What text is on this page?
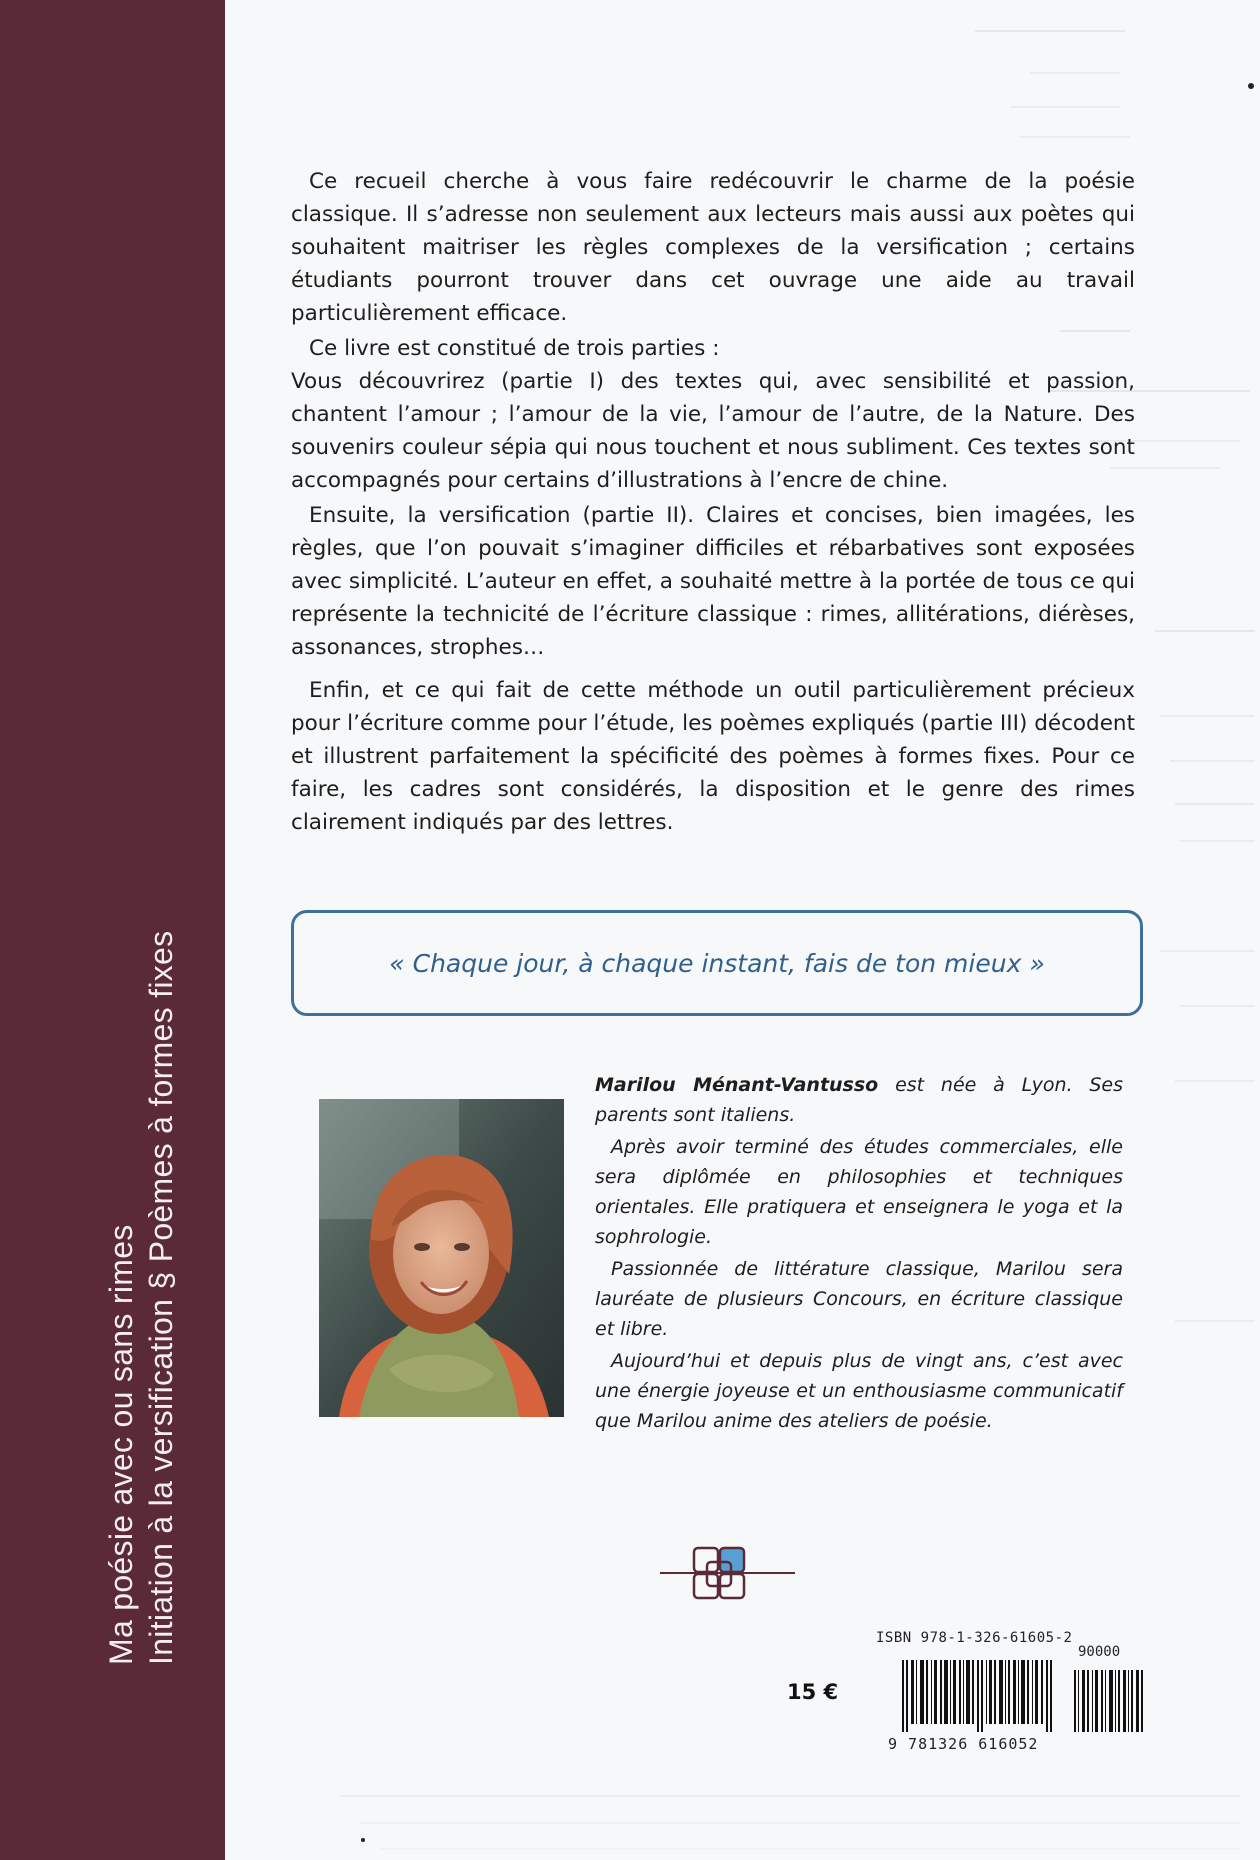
Ma poésie avec ou sans rimes Initiation à la versification § Poèmes à formes fixes

Ce recueil cherche à vous faire redécouvrir le charme de la poésie classique. Il s’adresse non seulement aux lecteurs mais aussi aux poètes qui souhaitent maitriser les règles complexes de la versification ; certains étudiants pourront trouver dans cet ouvrage une aide au travail particulièrement efficace.

Ce livre est constitué de trois parties :

Vous découvrirez (partie I) des textes qui, avec sensibilité et passion, chantent l’amour ; l’amour de la vie, l’amour de l’autre, de la Nature. Des souvenirs couleur sépia qui nous touchent et nous subliment. Ces textes sont accompagnés pour certains d’illustrations à l’encre de chine.

Ensuite, la versification (partie II). Claires et concises, bien imagées, les règles, que l’on pouvait s’imaginer difficiles et rébarbatives sont exposées avec simplicité. L’auteur en effet, a souhaité mettre à la portée de tous ce qui représente la technicité de l’écriture classique : rimes, allitérations, diérèses, assonances, strophes…

Enfin, et ce qui fait de cette méthode un outil particulièrement précieux pour l’écriture comme pour l’étude, les poèmes expliqués (partie III) décodent et illustrent parfaitement la spécificité des poèmes à formes fixes. Pour ce faire, les cadres sont considérés, la disposition et le genre des rimes clairement indiqués par des lettres.

« Chaque jour, à chaque instant, fais de ton mieux »

Marilou Ménant-Vantusso est née à Lyon. Ses parents sont italiens.

Après avoir terminé des études commerciales, elle sera diplômée en philosophies et techniques orientales. Elle pratiquera et enseignera le yoga et la sophrologie.

Passionnée de littérature classique, Marilou sera lauréate de plusieurs Concours, en écriture classique et libre.

Aujourd’hui et depuis plus de vingt ans, c’est avec une énergie joyeuse et un enthousiasme communicatif que Marilou anime des ateliers de poésie.

ISBN 978-1-326-61605-2
90000
9 781326 616052
15 €
